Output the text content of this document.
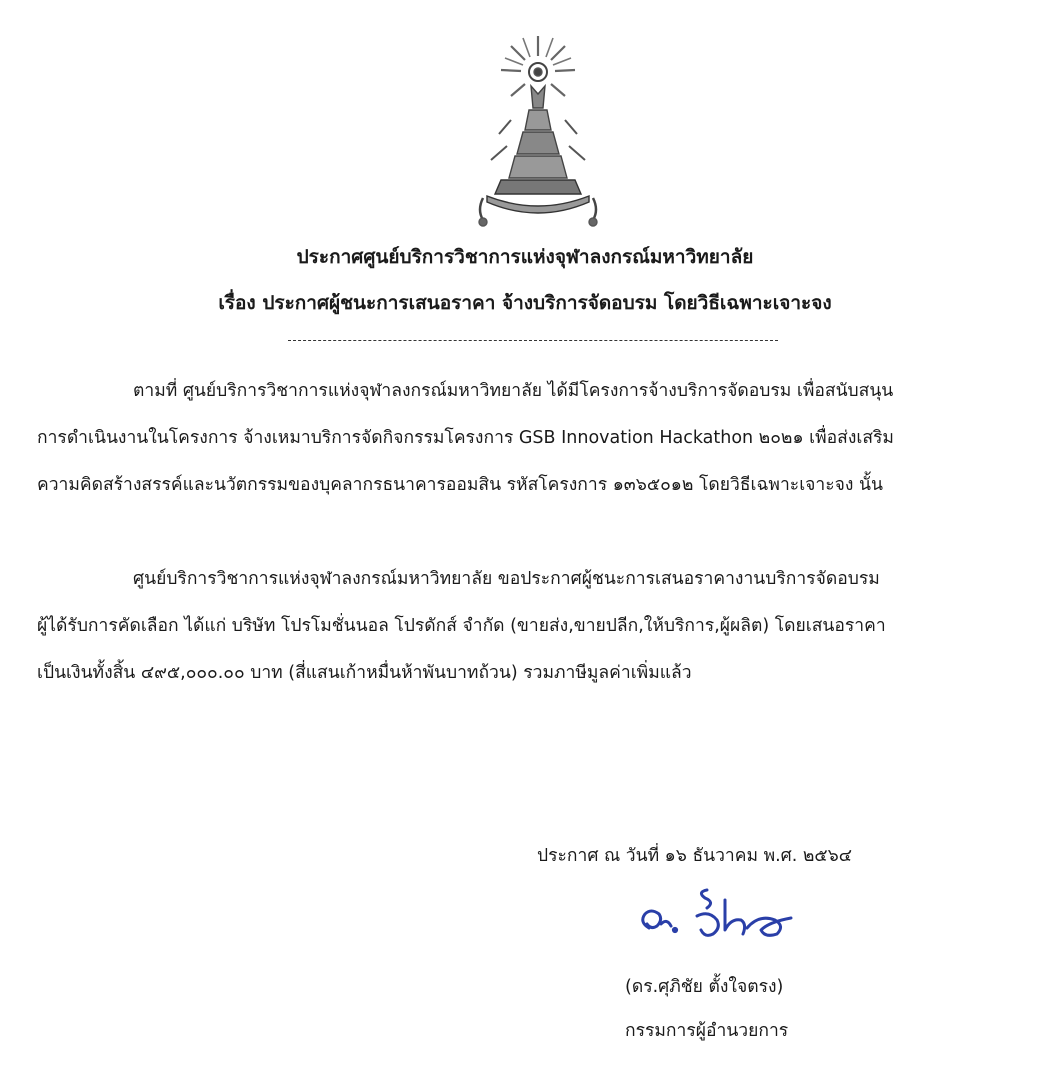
ประกาศศูนย์บริการวิชาการแห่งจุฬาลงกรณ์มหาวิทยาลัย
เรื่อง ประกาศผู้ชนะการเสนอราคา จ้างบริการจัดอบรม โดยวิธีเฉพาะเจาะจง
ตามที่ ศูนย์บริการวิชาการแห่งจุฬาลงกรณ์มหาวิทยาลัย ได้มีโครงการจ้างบริการจัดอบรม เพื่อสนับสนุน
การดำเนินงานในโครงการ จ้างเหมาบริการจัดกิจกรรมโครงการ GSB Innovation Hackathon ๒๐๒๑ เพื่อส่งเสริม
ความคิดสร้างสรรค์และนวัตกรรมของบุคลากรธนาคารออมสิน รหัสโครงการ ๑๓๖๕๐๑๒ โดยวิธีเฉพาะเจาะจง นั้น
ศูนย์บริการวิชาการแห่งจุฬาลงกรณ์มหาวิทยาลัย ขอประกาศผู้ชนะการเสนอราคางานบริการจัดอบรม
ผู้ได้รับการคัดเลือก ได้แก่ บริษัท โปรโมชั่นนอล โปรดักส์ จำกัด (ขายส่ง,ขายปลีก,ให้บริการ,ผู้ผลิต) โดยเสนอราคา
เป็นเงินทั้งสิ้น ๔๙๕,๐๐๐.๐๐ บาท (สี่แสนเก้าหมื่นห้าพันบาทถ้วน) รวมภาษีมูลค่าเพิ่มแล้ว
ประกาศ ณ วันที่ ๑๖ ธันวาคม พ.ศ. ๒๕๖๔
(ดร.ศุภิชัย ตั้งใจตรง)
กรรมการผู้อำนวยการ
